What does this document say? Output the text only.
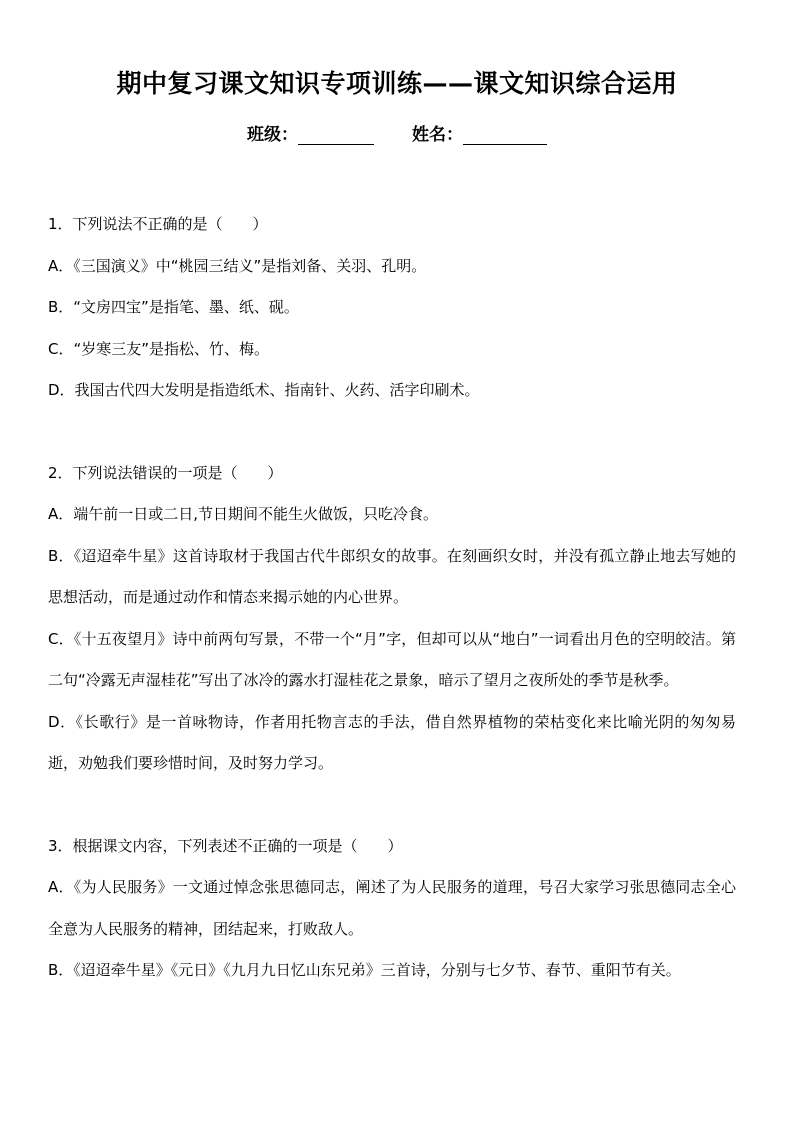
期中复习课文知识专项训练——课文知识综合运用
班级：	姓名：
1．下列说法不正确的是（　　）
A．《三国演义》中“桃园三结义”是指刘备、关羽、孔明。
B．“文房四宝”是指笔、墨、纸、砚。
C．“岁寒三友”是指松、竹、梅。
D．我国古代四大发明是指造纸术、指南针、火药、活字印刷术。
2．下列说法错误的一项是（　　）
A．端午前一日或二日,节日期间不能生火做饭，只吃冷食。
B．《迢迢牵牛星》这首诗取材于我国古代牛郎织女的故事。在刻画织女时，并没有孤立静止地去写她的思想活动，而是通过动作和情态来揭示她的内心世界。
C．《十五夜望月》诗中前两句写景，不带一个“月”字，但却可以从“地白”一词看出月色的空明皎洁。第二句“冷露无声湿桂花”写出了冰冷的露水打湿桂花之景象，暗示了望月之夜所处的季节是秋季。
D．《长歌行》是一首咏物诗，作者用托物言志的手法，借自然界植物的荣枯变化来比喻光阴的匆匆易逝，劝勉我们要珍惜时间，及时努力学习。
3．根据课文内容，下列表述不正确的一项是（　　）
A．《为人民服务》一文通过悼念张思德同志，阐述了为人民服务的道理，号召大家学习张思德同志全心全意为人民服务的精神，团结起来，打败敌人。
B．《迢迢牵牛星》《元日》《九月九日忆山东兄弟》三首诗，分别与七夕节、春节、重阳节有关。
